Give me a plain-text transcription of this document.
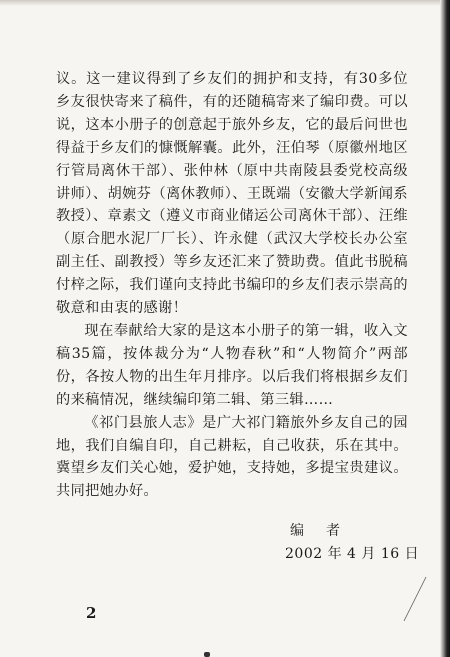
议。这一建议得到了乡友们的拥护和支持，有30多位乡友很快寄来了稿件，有的还随稿寄来了编印费。可以说，这本小册子的创意起于旅外乡友，它的最后问世也得益于乡友们的慷慨解囊。此外，汪伯琴（原徽州地区行管局离休干部）、张仲林（原中共南陵县委党校高级讲师）、胡婉芬（离休教师）、王既端（安徽大学新闻系教授）、章素文（遵义市商业储运公司离休干部）、汪维（原合肥水泥厂厂长）、许永健（武汉大学校长办公室副主任、副教授）等乡友还汇来了赞助费。值此书脱稿付梓之际，我们谨向支持此书编印的乡友们表示崇高的敬意和由衷的感谢！

现在奉献给大家的是这本小册子的第一辑，收入文稿35篇，按体裁分为“人物春秋”和“人物简介”两部份，各按人物的出生年月排序。以后我们将根据乡友们的来稿情况，继续编印第二辑、第三辑……

《祁门县旅人志》是广大祁门籍旅外乡友自己的园地，我们自编自印，自己耕耘，自己收获，乐在其中。冀望乡友们关心她，爱护她，支持她，多提宝贵建议。共同把她办好。

编　者
2002 年 4 月 16 日
2
